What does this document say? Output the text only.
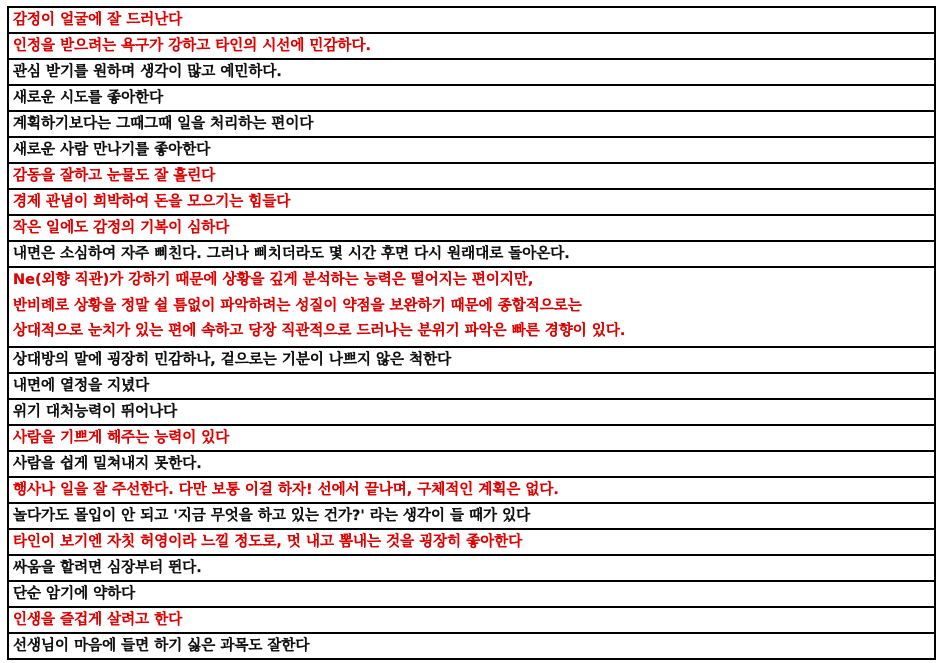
감정이 얼굴에 잘 드러난다
인정을 받으려는 욕구가 강하고 타인의 시선에 민감하다.
관심 받기를 원하며 생각이 많고 예민하다.
새로운 시도를 좋아한다
계획하기보다는 그때그때 일을 처리하는 편이다
새로운 사람 만나기를 좋아한다
감동을 잘하고 눈물도 잘 흘린다
경제 관념이 희박하여 돈을 모으기는 힘들다
작은 일에도 감정의 기복이 심하다
내면은 소심하여 자주 삐친다. 그러나 삐치더라도 몇 시간 후면 다시 원래대로 돌아온다.
Ne(외향 직관)가 강하기 때문에 상황을 깊게 분석하는 능력은 떨어지는 편이지만,
반비례로 상황을 정말 쉴 틈없이 파악하려는 성질이 약점을 보완하기 때문에 종합적으로는
상대적으로 눈치가 있는 편에 속하고 당장 직관적으로 드러나는 분위기 파악은 빠른 경향이 있다.
상대방의 말에 굉장히 민감하나, 겉으로는 기분이 나쁘지 않은 척한다
내면에 열정을 지녔다
위기 대처능력이 뛰어나다
사람을 기쁘게 해주는 능력이 있다
사람을 쉽게 밀쳐내지 못한다.
행사나 일을 잘 주선한다. 다만 보통 이걸 하자! 선에서 끝나며, 구체적인 계획은 없다.
놀다가도 몰입이 안 되고 '지금 무엇을 하고 있는 건가?' 라는 생각이 들 때가 있다
타인이 보기엔 자칫 허영이라 느낄 정도로, 멋 내고 뽐내는 것을 굉장히 좋아한다
싸움을 할려면 심장부터 뛴다.
단순 암기에 약하다
인생을 즐겁게 살려고 한다
선생님이 마음에 들면 하기 싫은 과목도 잘한다
